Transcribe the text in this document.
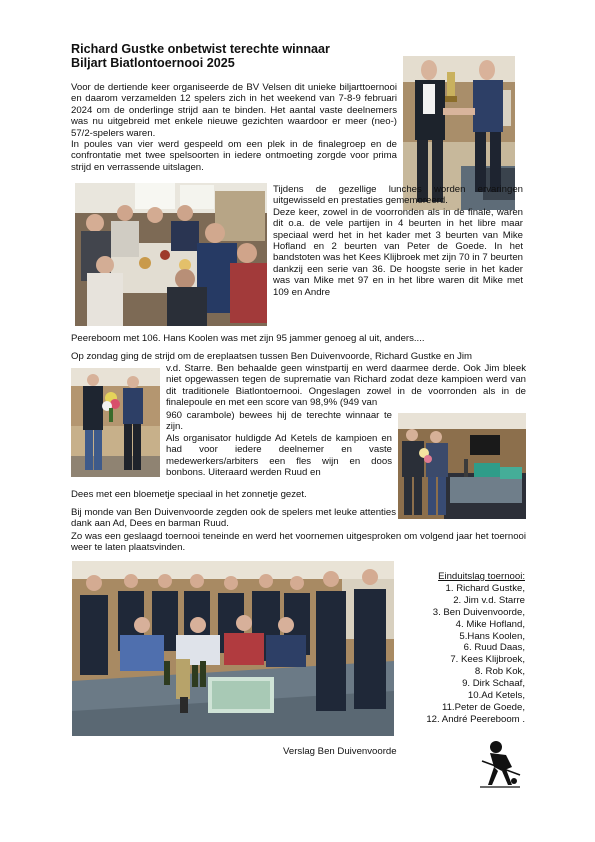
Richard Gustke onbetwist terechte winnaar
Biljart Biatlontoernooi 2025

Voor de dertiende keer organiseerde de BV Velsen dit unieke biljarttoernooi en daarom verzamelden 12 spelers zich in het weekend van 7-8-9 februari 2024 om de onderlinge strijd aan te binden. Het aantal vaste deelnemers was nu uitgebreid met enkele nieuwe gezichten waardoor er meer (neo-) 57/2-spelers waren.

In poules van vier werd gespeeld om een plek in de finalegroep en de confrontatie met twee spelsoorten in iedere ontmoeting zorgde voor prima strijd en verrassende uitslagen.

Tijdens de gezellige lunches worden ervaringen uitgewisseld en prestaties gememoreerd.

Deze keer, zowel in de voorronden als in de finale, waren dit o.a. de vele partijen in 4 beurten in het libre maar speciaal werd het in het kader met 3 beurten van Mike Hofland en 2 beurten van Peter de Goede. In het bandstoten was het Kees Klijbroek met zijn 70 in 7 beurten dankzij een serie van 36. De hoogste serie in het kader was van Mike met 97 en in het libre waren dit Mike met 109 en Andre

Peereboom met 106. Hans Koolen was met zijn 95 jammer genoeg al uit, anders....
Op zondag ging de strijd om de ereplaatsen tussen Ben Duivenvoorde, Richard Gustke en Jim
v.d. Starre. Ben behaalde geen winstpartij en werd daarmee derde. Ook Jim bleek niet opgewassen tegen de suprematie van Richard zodat deze kampioen werd van dit traditionele Biatlontoernooi. Ongeslagen zowel in de voorronden als in de finalepoule en met een score van 98,9% (949 van

960 carambole) bewees hij de terechte winnaar te zijn.

Als organisator huldigde Ad Ketels de kampioen en had voor iedere deelnemer en vaste medewerkers/arbiters een fles wijn en doos bonbons. Uiteraard werden Ruud en

Dees met een bloemetje speciaal in het zonnetje gezet.
Bij monde van Ben Duivenvoorde zegden ook de spelers met leuke attenties dank aan Ad, Dees en barman Ruud.
Zo was een geslaagd toernooi teneinde en werd het voornemen uitgesproken om volgend jaar het toernooi weer te laten plaatsvinden.
Einduitslag toernooi:
1. Richard Gustke,
2. Jim v.d. Starre
3. Ben Duivenvoorde,
4. Mike Hofland,
5.Hans Koolen,
6. Ruud Daas,
7. Kees Klijbroek,
8. Rob Kok,
9. Dirk Schaaf,
10.Ad Ketels,
11.Peter de Goede,
12. André Peereboom .
Verslag Ben Duivenvoorde
